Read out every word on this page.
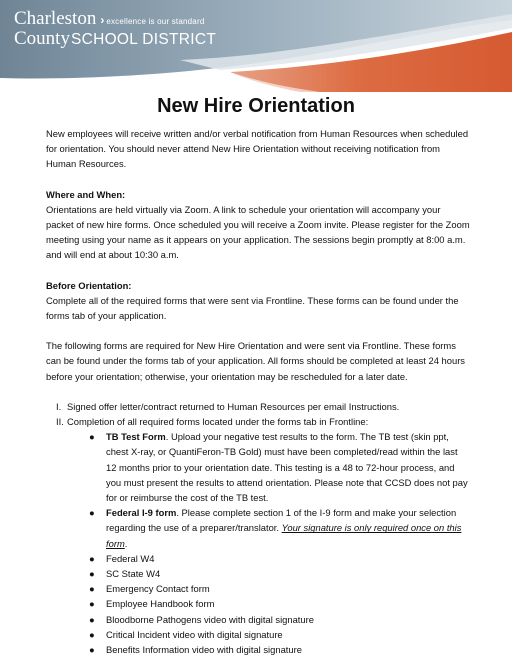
Charleston › excellence is our standard
County SCHOOL DISTRICT
New Hire Orientation

New employees will receive written and/or verbal notification from Human Resources when scheduled for orientation. You should never attend New Hire Orientation without receiving notification from Human Resources.

Where and When:

Orientations are held virtually via Zoom. A link to schedule your orientation will accompany your packet of new hire forms. Once scheduled you will receive a Zoom invite. Please register for the Zoom meeting using your name as it appears on your application. The sessions begin promptly at 8:00 a.m. and will end at about 10:30 a.m.

Before Orientation:

Complete all of the required forms that were sent via Frontline. These forms can be found under the forms tab of your application.

The following forms are required for New Hire Orientation and were sent via Frontline. These forms can be found under the forms tab of your application. All forms should be completed at least 24 hours before your orientation; otherwise, your orientation may be rescheduled for a later date.

I. Signed offer letter/contract returned to Human Resources per email Instructions.
II. Completion of all required forms located under the forms tab in Frontline:
● TB Test Form. Upload your negative test results to the form. The TB test (skin ppt, chest X-ray, or QuantiFeron-TB Gold) must have been completed/read within the last 12 months prior to your orientation date. This testing is a 48 to 72-hour process, and you must present the results to attend orientation. Please note that CCSD does not pay for or reimburse the cost of the TB test.
● Federal I-9 form. Please complete section 1 of the I-9 form and make your selection regarding the use of a preparer/translator. Your signature is only required once on this form.
● Federal W4
● SC State W4
● Emergency Contact form
● Employee Handbook form
● Bloodborne Pathogens video with digital signature
● Critical Incident video with digital signature
● Benefits Information video with digital signature
